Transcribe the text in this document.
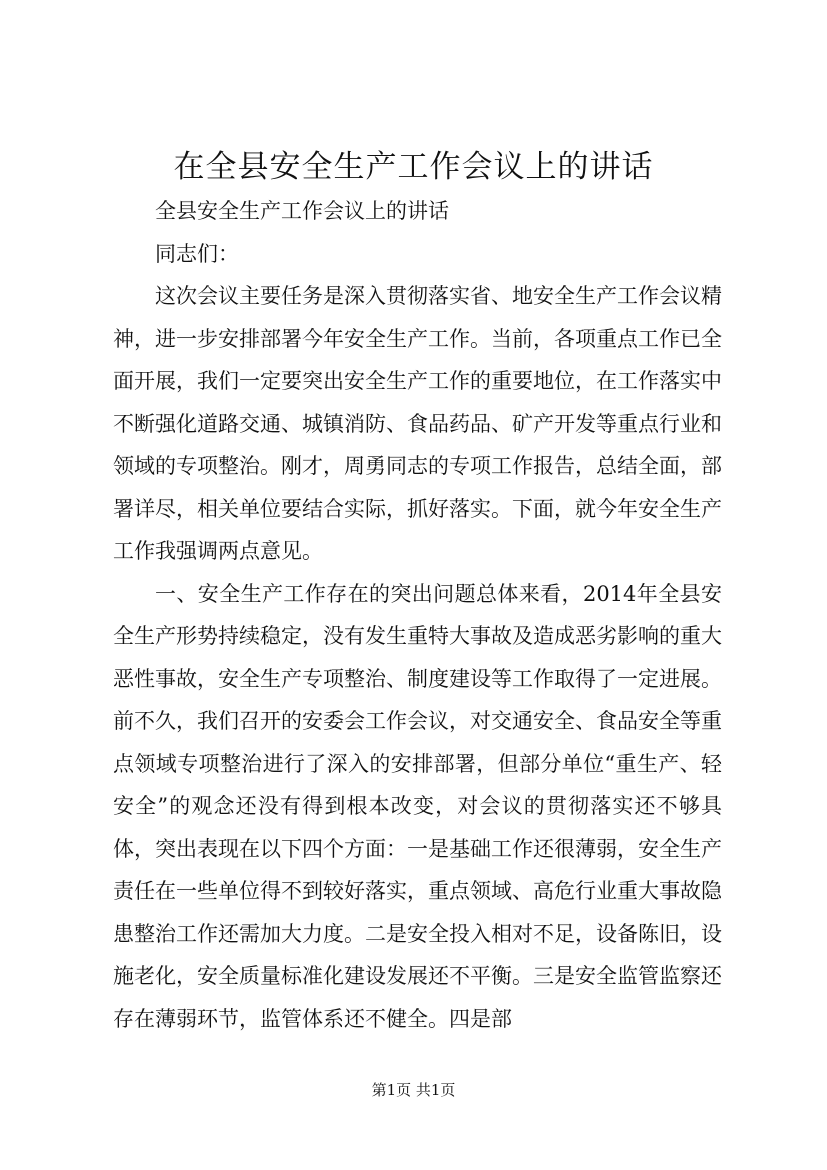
在全县安全生产工作会议上的讲话

全县安全生产工作会议上的讲话

同志们：

这次会议主要任务是深入贯彻落实省、地安全生产工作会议精神，进一步安排部署今年安全生产工作。当前，各项重点工作已全面开展，我们一定要突出安全生产工作的重要地位，在工作落实中不断强化道路交通、城镇消防、食品药品、矿产开发等重点行业和领域的专项整治。刚才，周勇同志的专项工作报告，总结全面，部署详尽，相关单位要结合实际，抓好落实。下面，就今年安全生产工作我强调两点意见。

一、安全生产工作存在的突出问题总体来看，2014年全县安全生产形势持续稳定，没有发生重特大事故及造成恶劣影响的重大恶性事故，安全生产专项整治、制度建设等工作取得了一定进展。前不久，我们召开的安委会工作会议，对交通安全、食品安全等重点领域专项整治进行了深入的安排部署，但部分单位“重生产、轻安全”的观念还没有得到根本改变，对会议的贯彻落实还不够具体，突出表现在以下四个方面：一是基础工作还很薄弱，安全生产责任在一些单位得不到较好落实，重点领域、高危行业重大事故隐患整治工作还需加大力度。二是安全投入相对不足，设备陈旧，设施老化，安全质量标准化建设发展还不平衡。三是安全监管监察还存在薄弱环节，监管体系还不健全。四是部

第1页 共1页
